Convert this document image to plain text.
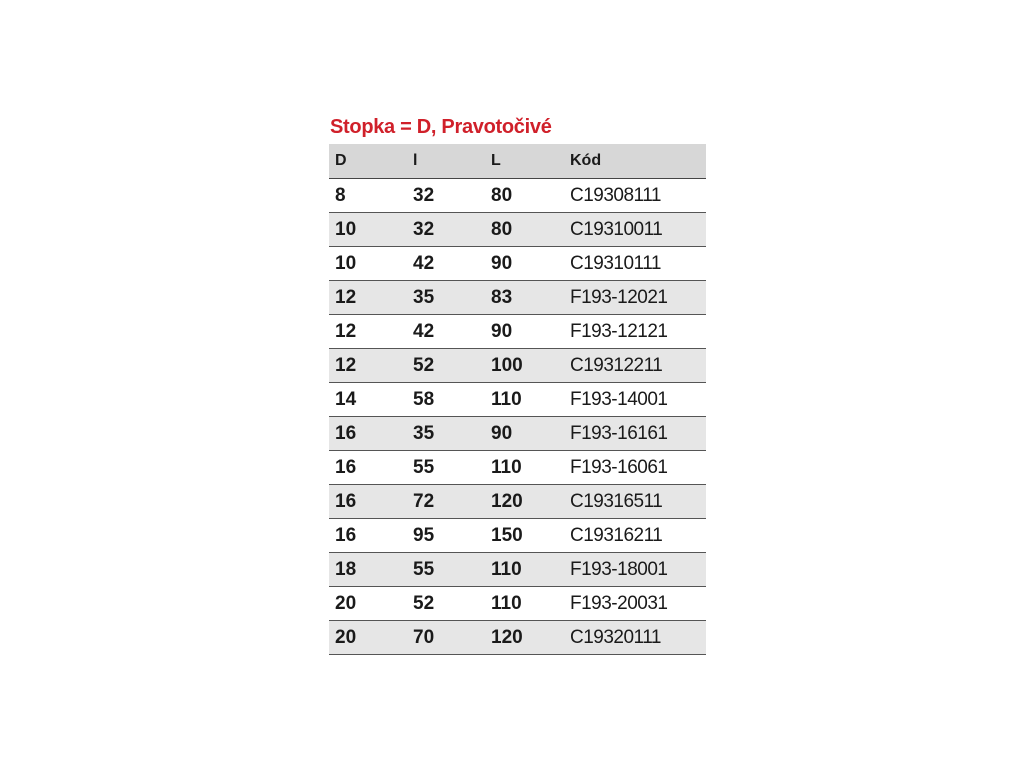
Stopka = D, Pravotočivé
D	l	L	Kód
8	32	80	C19308111
10	32	80	C19310011
10	42	90	C19310111
12	35	83	F193-12021
12	42	90	F193-12121
12	52	100	C19312211
14	58	110	F193-14001
16	35	90	F193-16161
16	55	110	F193-16061
16	72	120	C19316511
16	95	150	C19316211
18	55	110	F193-18001
20	52	110	F193-20031
20	70	120	C19320111
